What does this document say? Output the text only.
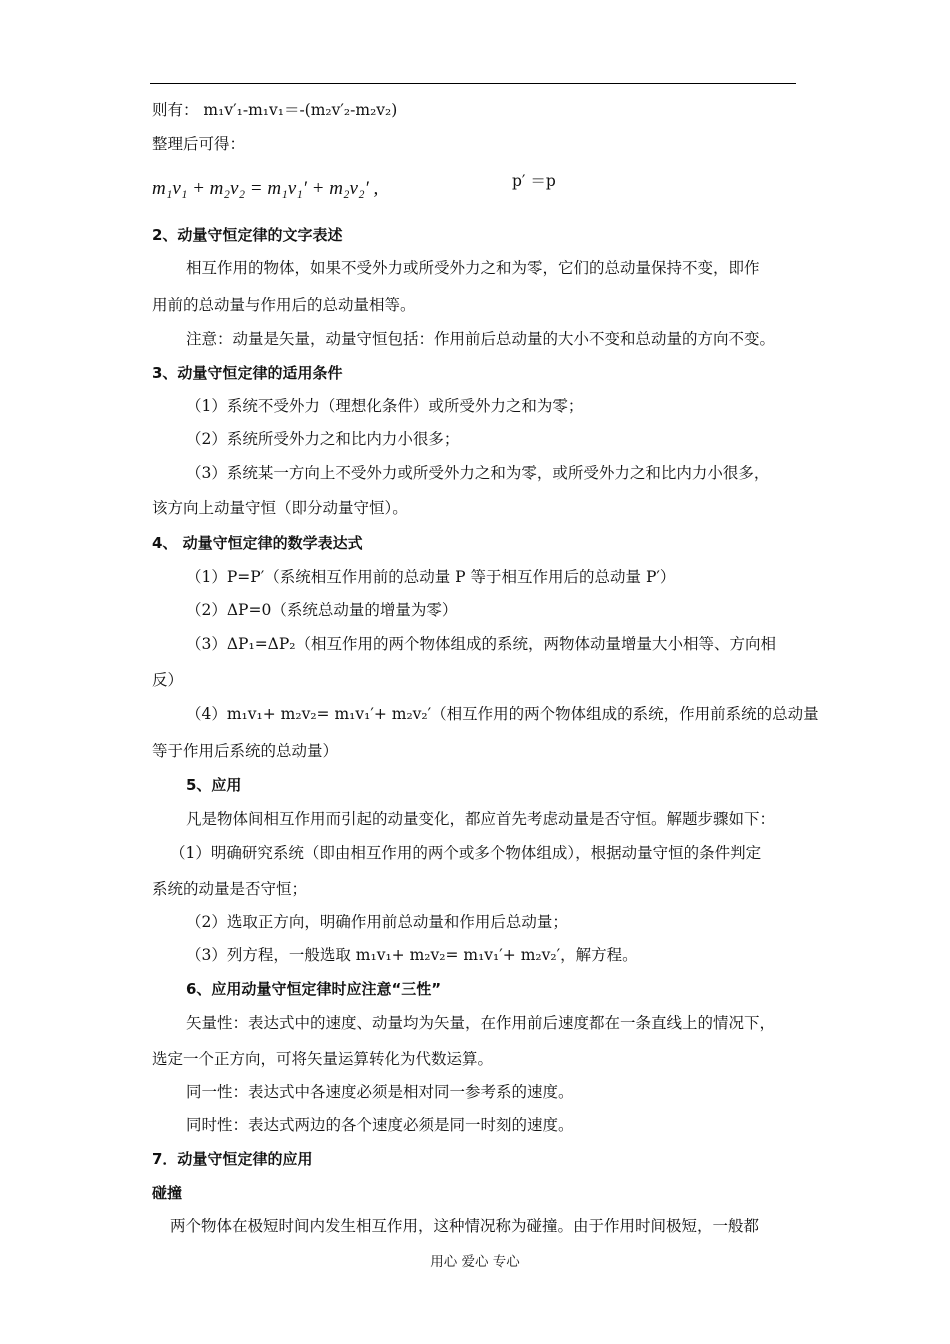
则有： m₁v′₁-m₁v₁＝-(m₂v′₂-m₂v₂)
整理后可得：
m₁v₁ + m₂v₂ = m₁v₁′ + m₂v₂′ ,	p′ ＝p
2、动量守恒定律的文字表述
相互作用的物体，如果不受外力或所受外力之和为零，它们的总动量保持不变，即作
用前的总动量与作用后的总动量相等。
注意：动量是矢量，动量守恒包括：作用前后总动量的大小不变和总动量的方向不变。
3、动量守恒定律的适用条件
（1）系统不受外力（理想化条件）或所受外力之和为零；
（2）系统所受外力之和比内力小很多；
（3）系统某一方向上不受外力或所受外力之和为零，或所受外力之和比内力小很多，
该方向上动量守恒（即分动量守恒）。
4、 动量守恒定律的数学表达式
（1）P=P′（系统相互作用前的总动量 P 等于相互作用后的总动量 P′）
（2）ΔP=0（系统总动量的增量为零）
（3）ΔP₁=ΔP₂（相互作用的两个物体组成的系统，两物体动量增量大小相等、方向相
反）
（4）m₁v₁+ m₂v₂= m₁v₁′+ m₂v₂′（相互作用的两个物体组成的系统，作用前系统的总动量
等于作用后系统的总动量）
5、应用
凡是物体间相互作用而引起的动量变化，都应首先考虑动量是否守恒。解题步骤如下：
（1）明确研究系统（即由相互作用的两个或多个物体组成），根据动量守恒的条件判定
系统的动量是否守恒；
（2）选取正方向，明确作用前总动量和作用后总动量；
（3）列方程，一般选取 m₁v₁+ m₂v₂= m₁v₁′+ m₂v₂′，解方程。
6、应用动量守恒定律时应注意“三性”
矢量性：表达式中的速度、动量均为矢量，在作用前后速度都在一条直线上的情况下，
选定一个正方向，可将矢量运算转化为代数运算。
同一性：表达式中各速度必须是相对同一参考系的速度。
同时性：表达式两边的各个速度必须是同一时刻的速度。
7．动量守恒定律的应用
碰撞
两个物体在极短时间内发生相互作用，这种情况称为碰撞。由于作用时间极短，一般都
用心 爱心 专心
